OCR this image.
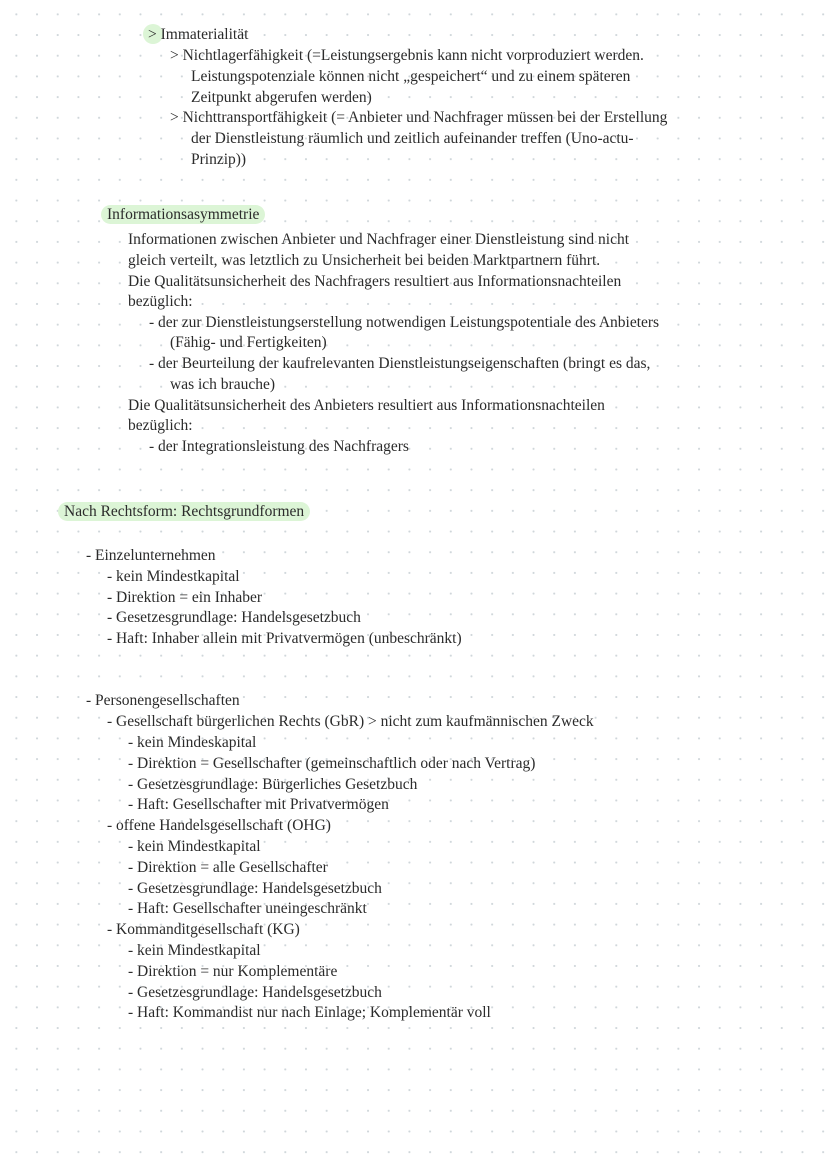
> Immaterialität
> Nichtlagerfähigkeit (=Leistungsergebnis kann nicht vorproduziert werden.
Leistungspotenziale können nicht „gespeichert“ und zu einem späteren
Zeitpunkt abgerufen werden)
> Nichttransportfähigkeit (= Anbieter und Nachfrager müssen bei der Erstellung
der Dienstleistung räumlich und zeitlich aufeinander treffen (Uno-actu-
Prinzip))
Informationsasymmetrie
Informationen zwischen Anbieter und Nachfrager einer Dienstleistung sind nicht
gleich verteilt, was letztlich zu Unsicherheit bei beiden Marktpartnern führt.
Die Qualitätsunsicherheit des Nachfragers resultiert aus Informationsnachteilen
bezüglich:
- der zur Dienstleistungserstellung notwendigen Leistungspotentiale des Anbieters
(Fähig- und Fertigkeiten)
- der Beurteilung der kaufrelevanten Dienstleistungseigenschaften (bringt es das,
was ich brauche)
Die Qualitätsunsicherheit des Anbieters resultiert aus Informationsnachteilen
bezüglich:
- der Integrationsleistung des Nachfragers
Nach Rechtsform: Rechtsgrundformen
- Einzelunternehmen
- kein Mindestkapital
- Direktion = ein Inhaber
- Gesetzesgrundlage: Handelsgesetzbuch
- Haft: Inhaber allein mit Privatvermögen (unbeschränkt)
- Personengesellschaften
- Gesellschaft bürgerlichen Rechts (GbR) > nicht zum kaufmännischen Zweck
- kein Mindeskapital
- Direktion = Gesellschafter (gemeinschaftlich oder nach Vertrag)
- Gesetzesgrundlage: Bürgerliches Gesetzbuch
- Haft: Gesellschafter mit Privatvermögen
- offene Handelsgesellschaft (OHG)
- kein Mindestkapital
- Direktion = alle Gesellschafter
- Gesetzesgrundlage: Handelsgesetzbuch
- Haft: Gesellschafter uneingeschränkt
- Kommanditgesellschaft (KG)
- kein Mindestkapital
- Direktion = nur Komplementäre
- Gesetzesgrundlage: Handelsgesetzbuch
- Haft: Kommandist nur nach Einlage; Komplementär voll
